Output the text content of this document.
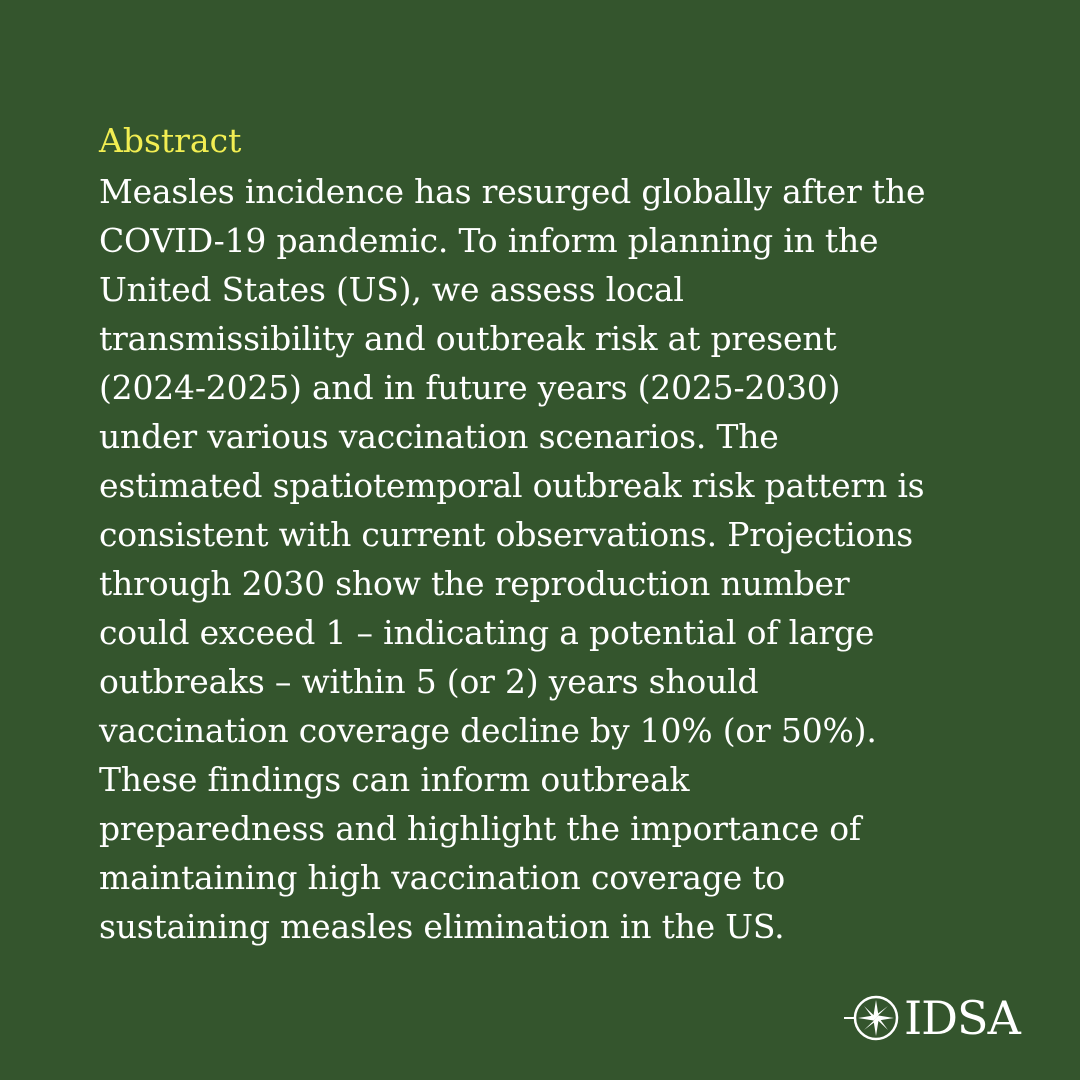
Abstract
Measles incidence has resurged globally after the
COVID-19 pandemic. To inform planning in the
United States (US), we assess local
transmissibility and outbreak risk at present
(2024-2025) and in future years (2025-2030)
under various vaccination scenarios. The
estimated spatiotemporal outbreak risk pattern is
consistent with current observations. Projections
through 2030 show the reproduction number
could exceed 1 – indicating a potential of large
outbreaks – within 5 (or 2) years should
vaccination coverage decline by 10% (or 50%).
These findings can inform outbreak
preparedness and highlight the importance of
maintaining high vaccination coverage to
sustaining measles elimination in the US.
IDSA
